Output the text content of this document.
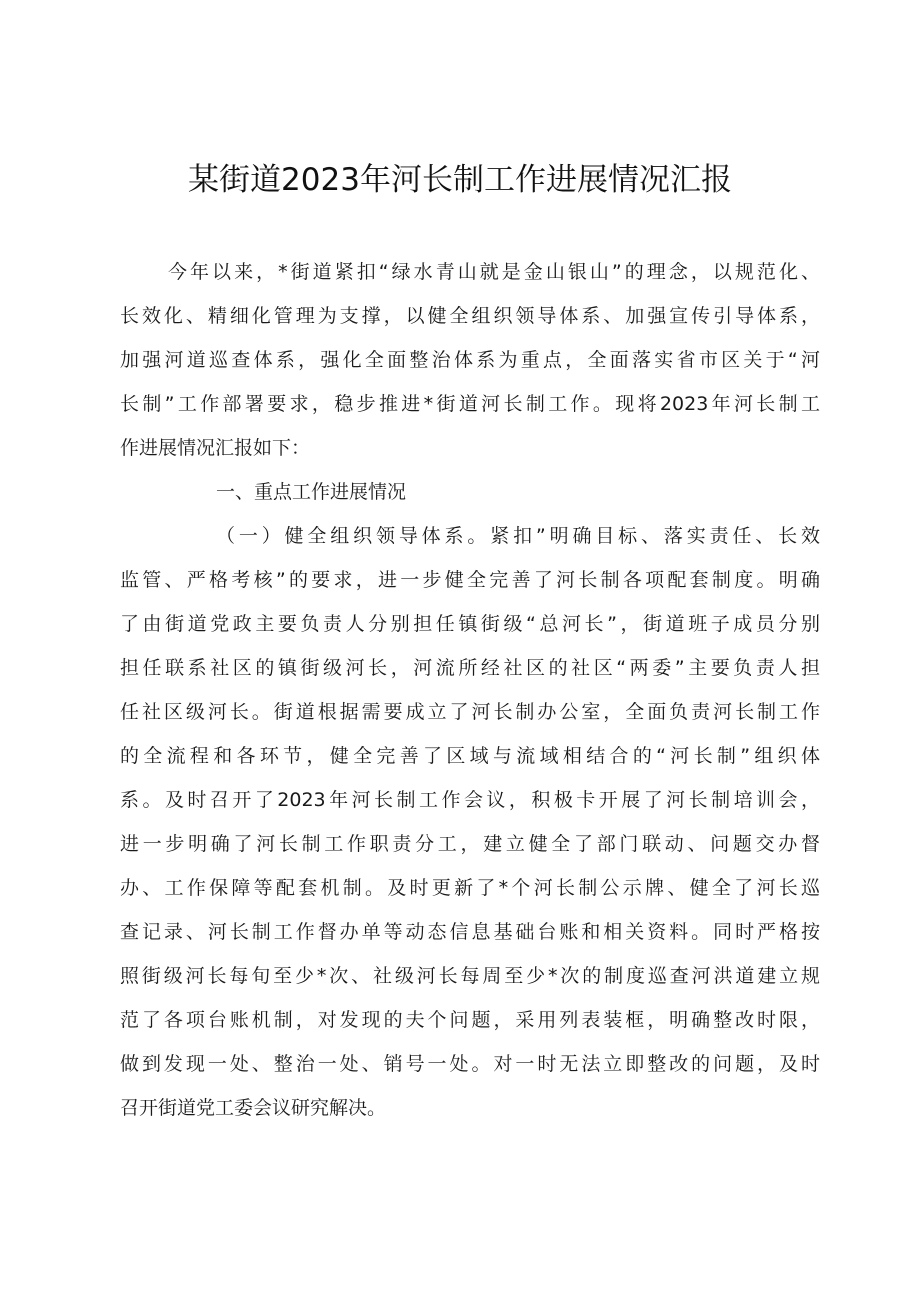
某街道2023年河长制工作进展情况汇报
今年以来，*街道紧扣“绿水青山就是金山银山”的理念，以规范化、
长效化、精细化管理为支撑，以健全组织领导体系、加强宣传引导体系，
加强河道巡查体系，强化全面整治体系为重点，全面落实省市区关于“河
长制”工作部署要求，稳步推进*街道河长制工作。现将2023年河长制工
作进展情况汇报如下：
一、重点工作进展情况
（一）健全组织领导体系。紧扣”明确目标、落实责任、长效
监管、严格考核”的要求，进一步健全完善了河长制各项配套制度。明确
了由街道党政主要负责人分别担任镇街级“总河长”，街道班子成员分别
担任联系社区的镇街级河长，河流所经社区的社区“两委”主要负责人担
任社区级河长。街道根据需要成立了河长制办公室，全面负责河长制工作
的全流程和各环节，健全完善了区域与流域相结合的“河长制”组织体
系。及时召开了2023年河长制工作会议，积极卡开展了河长制培训会，
进一步明确了河长制工作职责分工，建立健全了部门联动、问题交办督
办、工作保障等配套机制。及时更新了*个河长制公示牌、健全了河长巡
查记录、河长制工作督办单等动态信息基础台账和相关资料。同时严格按
照街级河长每旬至少*次、社级河长每周至少*次的制度巡查河洪道建立规
范了各项台账机制，对发现的夫个问题，采用列表装框，明确整改时限，
做到发现一处、整治一处、销号一处。对一时无法立即整改的问题，及时
召开街道党工委会议研究解决。
